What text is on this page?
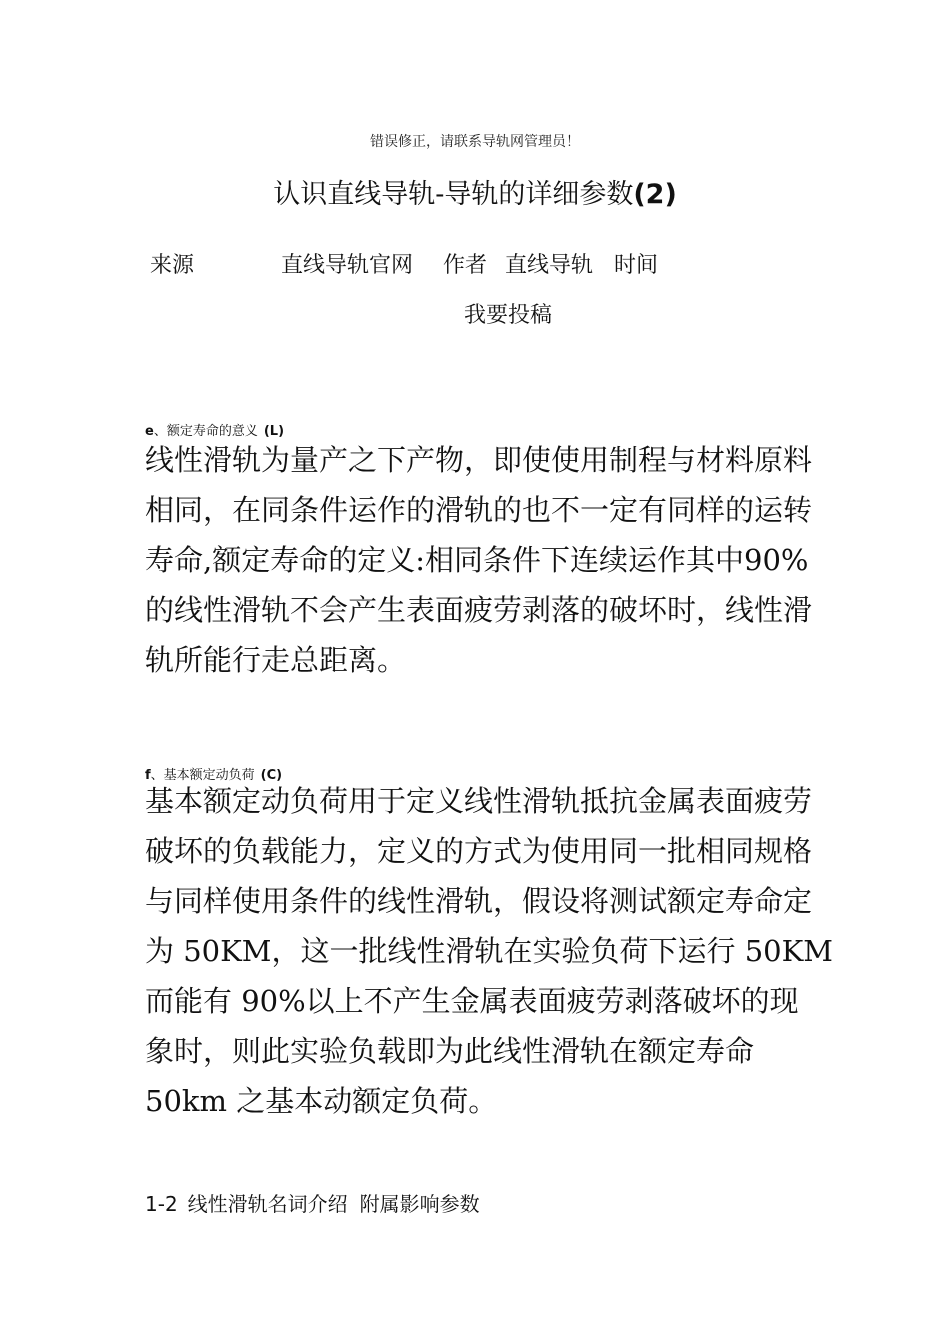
错误修正，请联系导轨网管理员！
认识直线导轨-导轨的详细参数(2)
来源	直线导轨官网 作者 直线导轨 时间
我要投稿
e、额定寿命的意义 (L)
线性滑轨为量产之下产物，即使使用制程与材料原料
相同，在同条件运作的滑轨的也不一定有同样的运转
寿命,额定寿命的定义:相同条件下连续运作其中90%
的线性滑轨不会产生表面疲劳剥落的破坏时，线性滑
轨所能行走总距离。
f、基本额定动负荷 (C)
基本额定动负荷用于定义线性滑轨抵抗金属表面疲劳
破坏的负载能力，定义的方式为使用同一批相同规格
与同样使用条件的线性滑轨，假设将测试额定寿命定
为 50KM，这一批线性滑轨在实验负荷下运行 50KM
而能有 90%以上不产生金属表面疲劳剥落破坏的现
象时，则此实验负载即为此线性滑轨在额定寿命
50km 之基本动额定负荷。
1-2 线性滑轨名词介绍 附属影响参数
